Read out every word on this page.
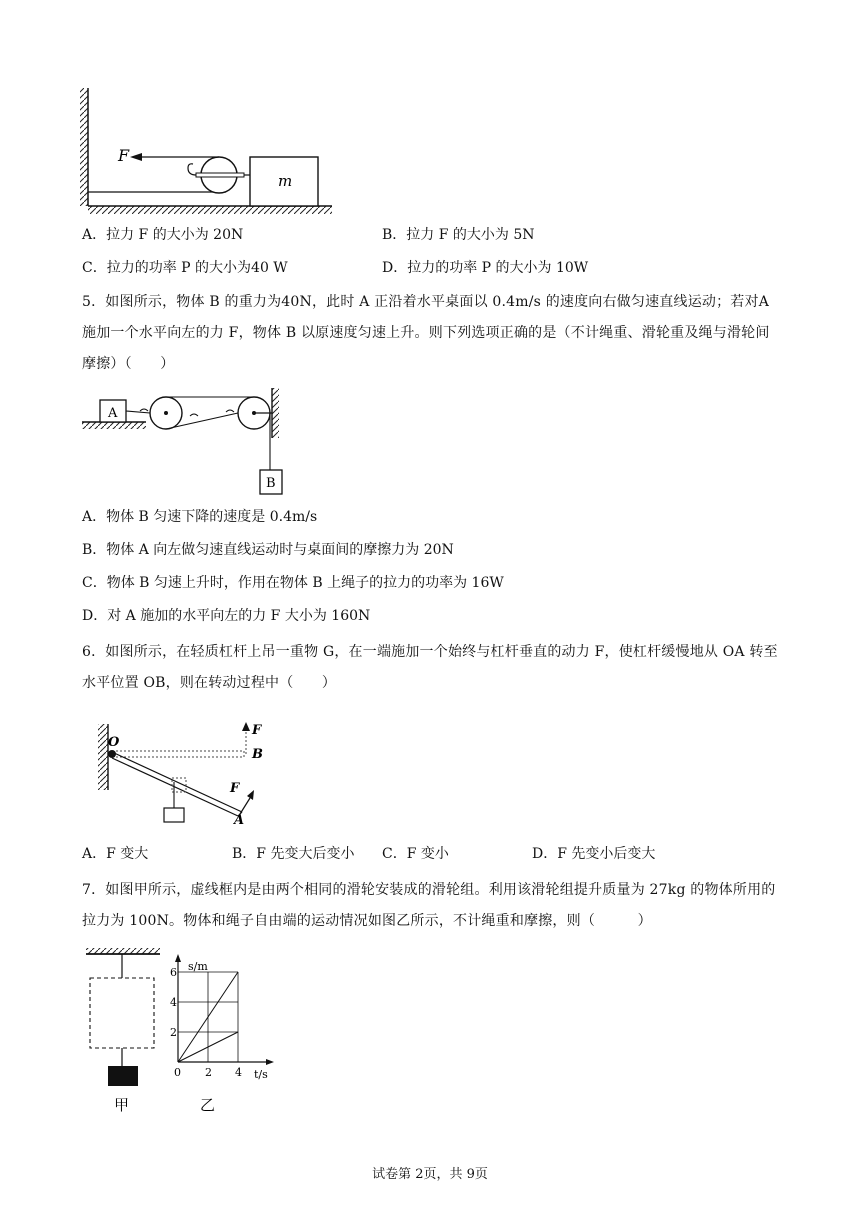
F
m
A．拉力 F 的大小为 20N	B．拉力 F 的大小为 5N
C．拉力的功率 P 的大小为40 W	D．拉力的功率 P 的大小为 10W
5．如图所示，物体 B 的重力为40N，此时 A 正沿着水平桌面以 0.4m/s 的速度向右做匀速直线运动；若对A 施加一个水平向左的力 F，物体 B 以原速度匀速上升。则下列选项正确的是（不计绳重、滑轮重及绳与滑轮间摩擦）（　　）
A
B
A．物体 B 匀速下降的速度是 0.4m/s
B．物体 A 向左做匀速直线运动时与桌面间的摩擦力为 20N
C．物体 B 匀速上升时，作用在物体 B 上绳子的拉力的功率为 16W
D．对 A 施加的水平向左的力 F 大小为 160N
6．如图所示，在轻质杠杆上吊一重物 G，在一端施加一个始终与杠杆垂直的动力 F，使杠杆缓慢地从 OA 转至水平位置 OB，则在转动过程中（　　）
F
B
O
F
A
A．F 变大	B．F 先变大后变小 C．F 变小	D．F 先变小后变大
7．如图甲所示，虚线框内是由两个相同的滑轮安装成的滑轮组。利用该滑轮组提升质量为 27kg 的物体所用的拉力为 100N。物体和绳子自由端的运动情况如图乙所示，不计绳重和摩擦，则（　　　）
甲
2
4
6
2 4
s/m
t/s
0
乙
试卷第 2页，共 9页
